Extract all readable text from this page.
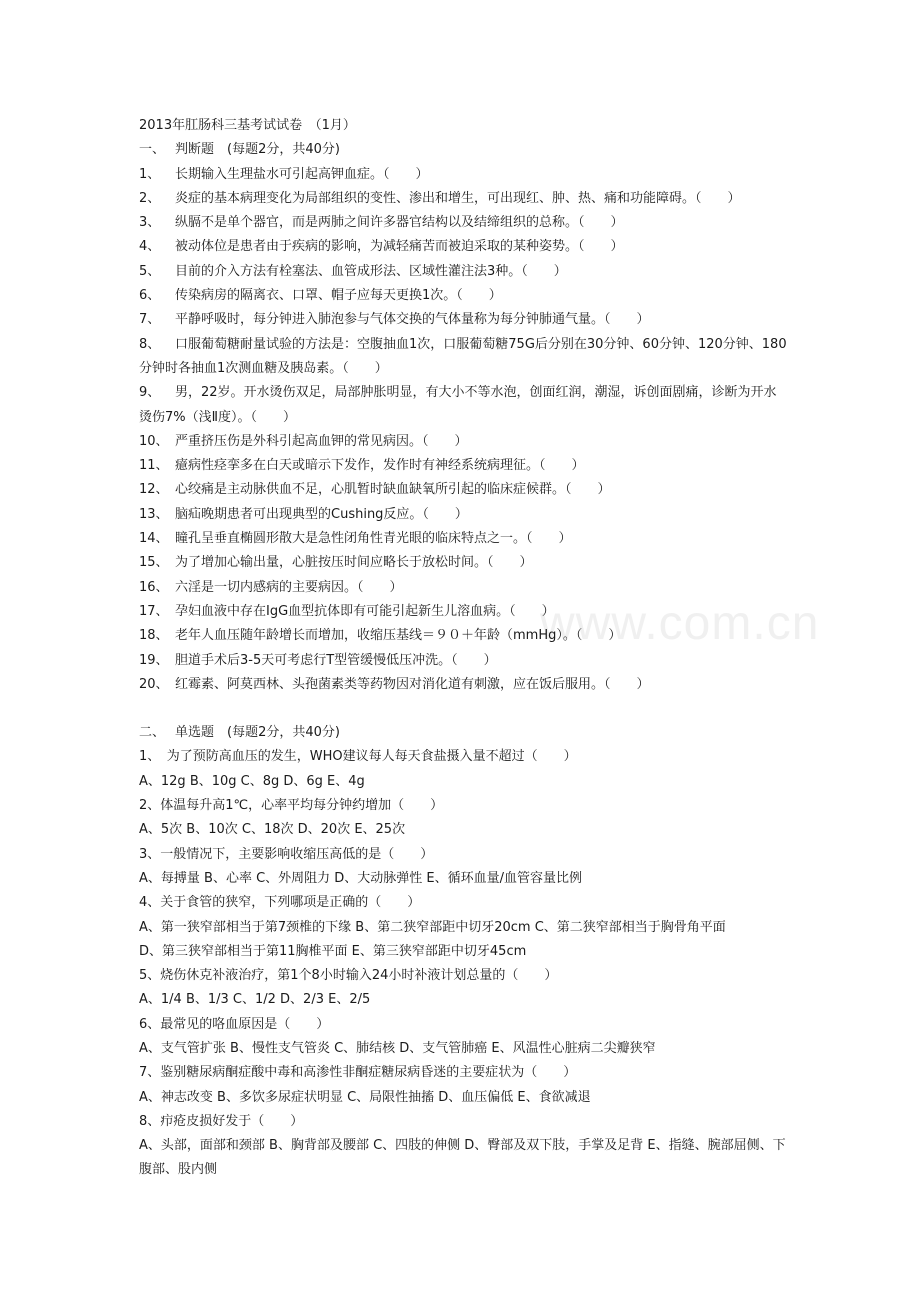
www.com.cn
2013年肛肠科三基考试试卷　（1月）
一、 判断题　(每题2分，共40分)
1、 长期输入生理盐水可引起高钾血症。（　　）
2、 炎症的基本病理变化为局部组织的变性、渗出和增生，可出现红、肿、热、痛和功能障碍。（　　）
3、 纵膈不是单个器官，而是两肺之间许多器官结构以及结缔组织的总称。（　　）
4、 被动体位是患者由于疾病的影响，为减轻痛苦而被迫采取的某种姿势。（　　）
5、 目前的介入方法有栓塞法、血管成形法、区域性灌注法3种。（　　）
6、 传染病房的隔离衣、口罩、帽子应每天更换1次。（　　）
7、 平静呼吸时，每分钟进入肺泡参与气体交换的气体量称为每分钟肺通气量。（　　）
8、 口服葡萄糖耐量试验的方法是：空腹抽血1次，口服葡萄糖75G后分别在30分钟、60分钟、120分钟、180分钟时各抽血1次测血糖及胰岛素。（　　）
9、 男，22岁。开水烫伤双足，局部肿胀明显，有大小不等水泡，创面红润，潮湿，诉创面剧痛，诊断为开水烫伤7%（浅Ⅱ度）。（　　）
10、 严重挤压伤是外科引起高血钾的常见病因。（　　）
11、 癔病性痉挛多在白天或暗示下发作，发作时有神经系统病理征。（　　）
12、 心绞痛是主动脉供血不足，心肌暂时缺血缺氧所引起的临床症候群。（　　）
13、 脑疝晚期患者可出现典型的Cushing反应。（　　）
14、 瞳孔呈垂直椭圆形散大是急性闭角性青光眼的临床特点之一。（　　）
15、 为了增加心输出量，心脏按压时间应略长于放松时间。（　　）
16、 六淫是一切内感病的主要病因。（　　）
17、 孕妇血液中存在IgG血型抗体即有可能引起新生儿溶血病。（　　）
18、 老年人血压随年龄增长而增加，收缩压基线＝９０＋年龄（mmHg）。（　　）
19、 胆道手术后3-5天可考虑行T型管缓慢低压冲洗。（　　）
20、 红霉素、阿莫西林、头孢菌素类等药物因对消化道有刺激，应在饭后服用。（　　）
二、 单选题　(每题2分，共40分)
1、　为了预防高血压的发生，WHO建议每人每天食盐摄入量不超过（　　）
A、12g B、10g C、8g D、6g E、4g
2、体温每升高1℃，心率平均每分钟约增加（　　）
A、5次 B、10次 C、18次 D、20次 E、25次
3、一般情况下，主要影响收缩压高低的是（　　）
A、每搏量 B、心率 C、外周阻力 D、大动脉弹性 E、循环血量/血管容量比例
4、关于食管的狭窄，下列哪项是正确的（　　）
A、第一狭窄部相当于第7颈椎的下缘 B、第二狭窄部距中切牙20cm C、第二狭窄部相当于胸骨角平面
D、第三狭窄部相当于第11胸椎平面 E、第三狭窄部距中切牙45cm
5、烧伤休克补液治疗，第1个8小时输入24小时补液计划总量的（　　）
A、1/4 B、1/3 C、1/2 D、2/3 E、2/5
6、最常见的咯血原因是（　　）
A、支气管扩张 B、慢性支气管炎 C、肺结核 D、支气管肺癌 E、风温性心脏病二尖瓣狭窄
7、鉴别糖尿病酮症酸中毒和高渗性非酮症糖尿病昏迷的主要症状为（　　）
A、神志改变 B、多饮多尿症状明显 C、局限性抽搐 D、血压偏低 E、食欲减退
8、疖疮皮损好发于（　　）
A、头部，面部和颈部 B、胸背部及腰部 C、四肢的伸侧 D、臀部及双下肢，手掌及足背 E、指缝、腕部屈侧、下腹部、股内侧
